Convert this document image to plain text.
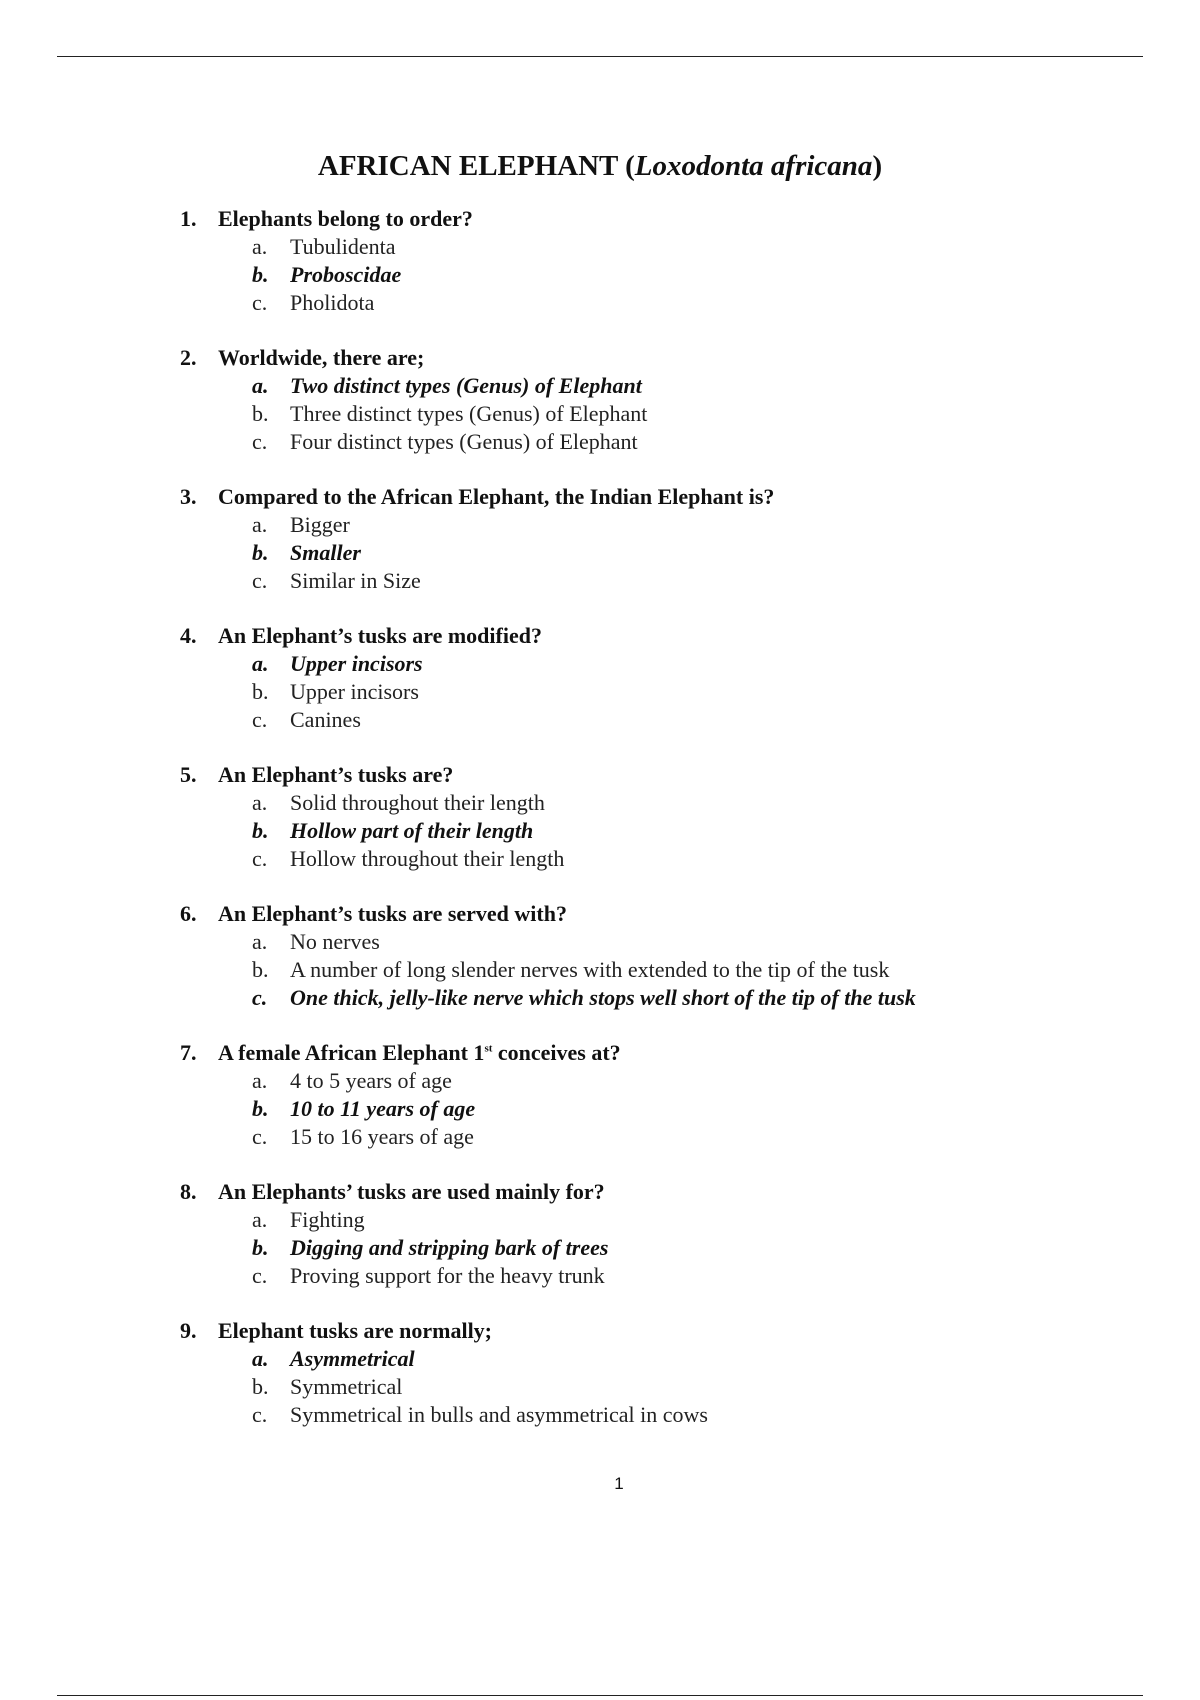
AFRICAN ELEPHANT (Loxodonta africana)
1. Elephants belong to order?
a.	Tubulidenta
b. Proboscidae
c.	Pholidota
2. Worldwide, there are;
a. Two distinct types (Genus) of Elephant
b. Three distinct types (Genus) of Elephant
c.	Four distinct types (Genus) of Elephant
3. Compared to the African Elephant, the Indian Elephant is?
a.	Bigger
b. Smaller
c.	Similar in Size
4. An Elephant’s tusks are modified?
a. Upper incisors
b. Upper incisors
c.	Canines
5. An Elephant’s tusks are?
a.	Solid throughout their length
b. Hollow part of their length
c.	Hollow throughout their length
6. An Elephant’s tusks are served with?
a.	No nerves
b. A number of long slender nerves with extended to the tip of the tusk
c.	One thick, jelly-like nerve which stops well short of the tip of the tusk
7. A female African Elephant 1st conceives at?
a.	4 to 5 years of age
b. 10 to 11 years of age
c.	15 to 16 years of age
8. An Elephants’ tusks are used mainly for?
a.	Fighting
b. Digging and stripping bark of trees
c.	Proving support for the heavy trunk
9. Elephant tusks are normally;
a. Asymmetrical
b. Symmetrical
c.	Symmetrical in bulls and asymmetrical in cows
1
